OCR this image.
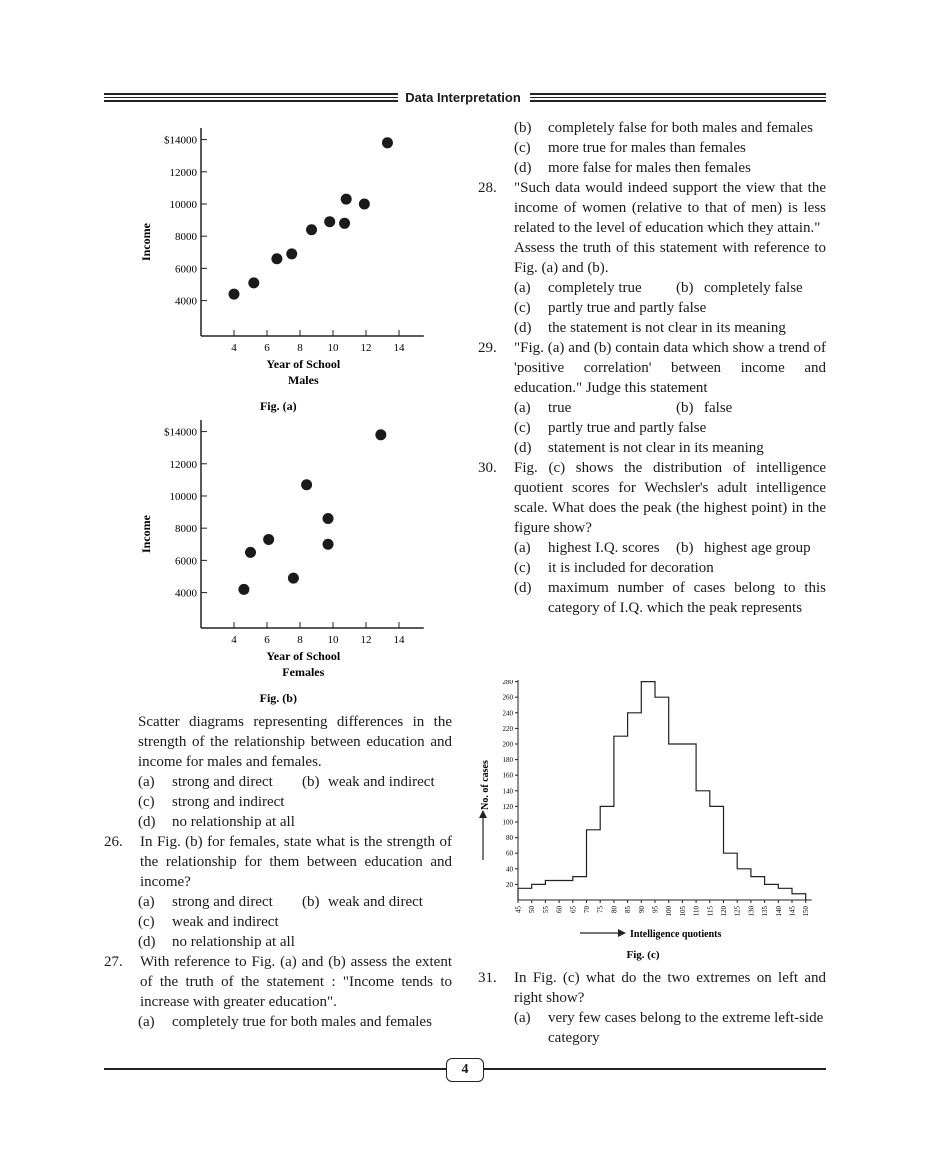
Data Interpretation
$14000
12000
10000
8000
6000
4000
4	6	8 10 12 14
Income
Year of School
Males
Fig. (a)
$14000
12000
10000
8000
6000
4000
4	6	8 10 12 14
Income
Year of School
Females
Fig. (b)
Scatter diagrams representing differences in the strength of the relationship between education and income for males and females.
(a) strong and direct (b) weak and indirect
(c) strong and indirect
(d) no relationship at all
26. In Fig. (b) for females, state what is the strength of the relationship for them between education and income?
(a) strong and direct (b) weak and direct
(c) weak and indirect
(d) no relationship at all
27. With reference to Fig. (a) and (b) assess the extent of the truth of the statement : "Income tends to increase with greater education".
(a) completely true for both males and females
(b) completely false for both males and females
(c) more true for males than females
(d) more false for males then females
28. "Such data would indeed support the view that the income of women (relative to that of men) is less related to the level of education which they attain."
Assess the truth of this statement with reference to Fig. (a) and (b).
(a) completely true (b) completely false
(c) partly true and partly false
(d) the statement is not clear in its meaning
29. "Fig. (a) and (b) contain data which show a trend of 'positive correlation' between income and education." Judge this statement
(a) true	(b) false
(c) partly true and partly false
(d) statement is not clear in its meaning
30. Fig. (c) shows the distribution of intelligence quotient scores for Wechsler's adult intelligence scale. What does the peak (the highest point) in the figure show?
(a) highest I.Q. scores (b) highest age group
(c) it is included for decoration
(d) maximum number of cases belong to this category of I.Q. which the peak represents
20
40
60
80
100
120
140
160
180
200
220
240
260
280
45 50 55 60 65 70 75 80 85 90 95 100 105 110 115 120 125 130 135 140 145 150
No. of cases
Intelligence quotients
Fig. (c)
31. In Fig. (c) what do the two extremes on left and right show?
(a) very few cases belong to the extreme left-side category
4
